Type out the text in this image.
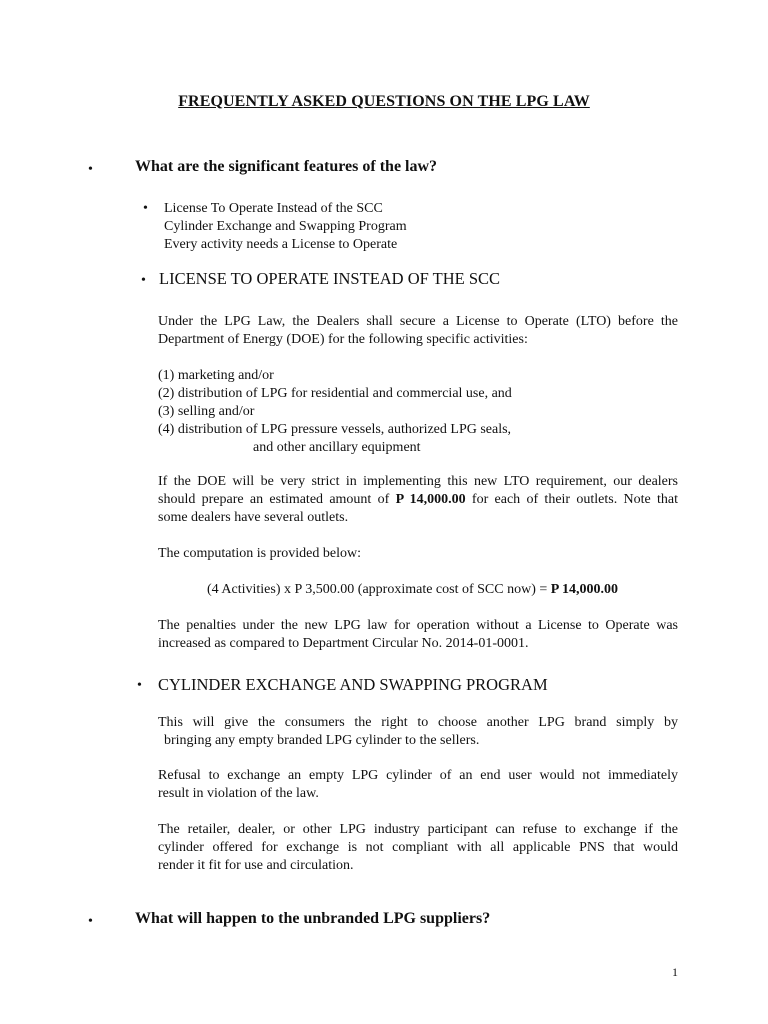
FREQUENTLY ASKED QUESTIONS ON THE LPG LAW
•	What are the significant features of the law?
• License To Operate Instead of the SCC
Cylinder Exchange and Swapping Program
Every activity needs a License to Operate
• LICENSE TO OPERATE INSTEAD OF THE SCC
Under the LPG Law, the Dealers shall secure a License to Operate (LTO) before the
Department of Energy (DOE) for the following specific activities:
(1) marketing and/or
(2) distribution of LPG for residential and commercial use, and
(3) selling and/or
(4) distribution of LPG pressure vessels, authorized LPG seals,
and other ancillary equipment
If the DOE will be very strict in implementing this new LTO requirement, our dealers
should prepare an estimated amount of P 14,000.00 for each of their outlets. Note that
some dealers have several outlets.
The computation is provided below:
(4 Activities) x P 3,500.00 (approximate cost of SCC now) = P 14,000.00
The penalties under the new LPG law for operation without a License to Operate was
increased as compared to Department Circular No. 2014-01-0001.
• CYLINDER EXCHANGE AND SWAPPING PROGRAM
This will give the consumers the right to choose another LPG brand simply by
bringing any empty branded LPG cylinder to the sellers.
Refusal to exchange an empty LPG cylinder of an end user would not immediately
result in violation of the law.
The retailer, dealer, or other LPG industry participant can refuse to exchange if the
cylinder offered for exchange is not compliant with all applicable PNS that would
render it fit for use and circulation.
•	What will happen to the unbranded LPG suppliers?
1
